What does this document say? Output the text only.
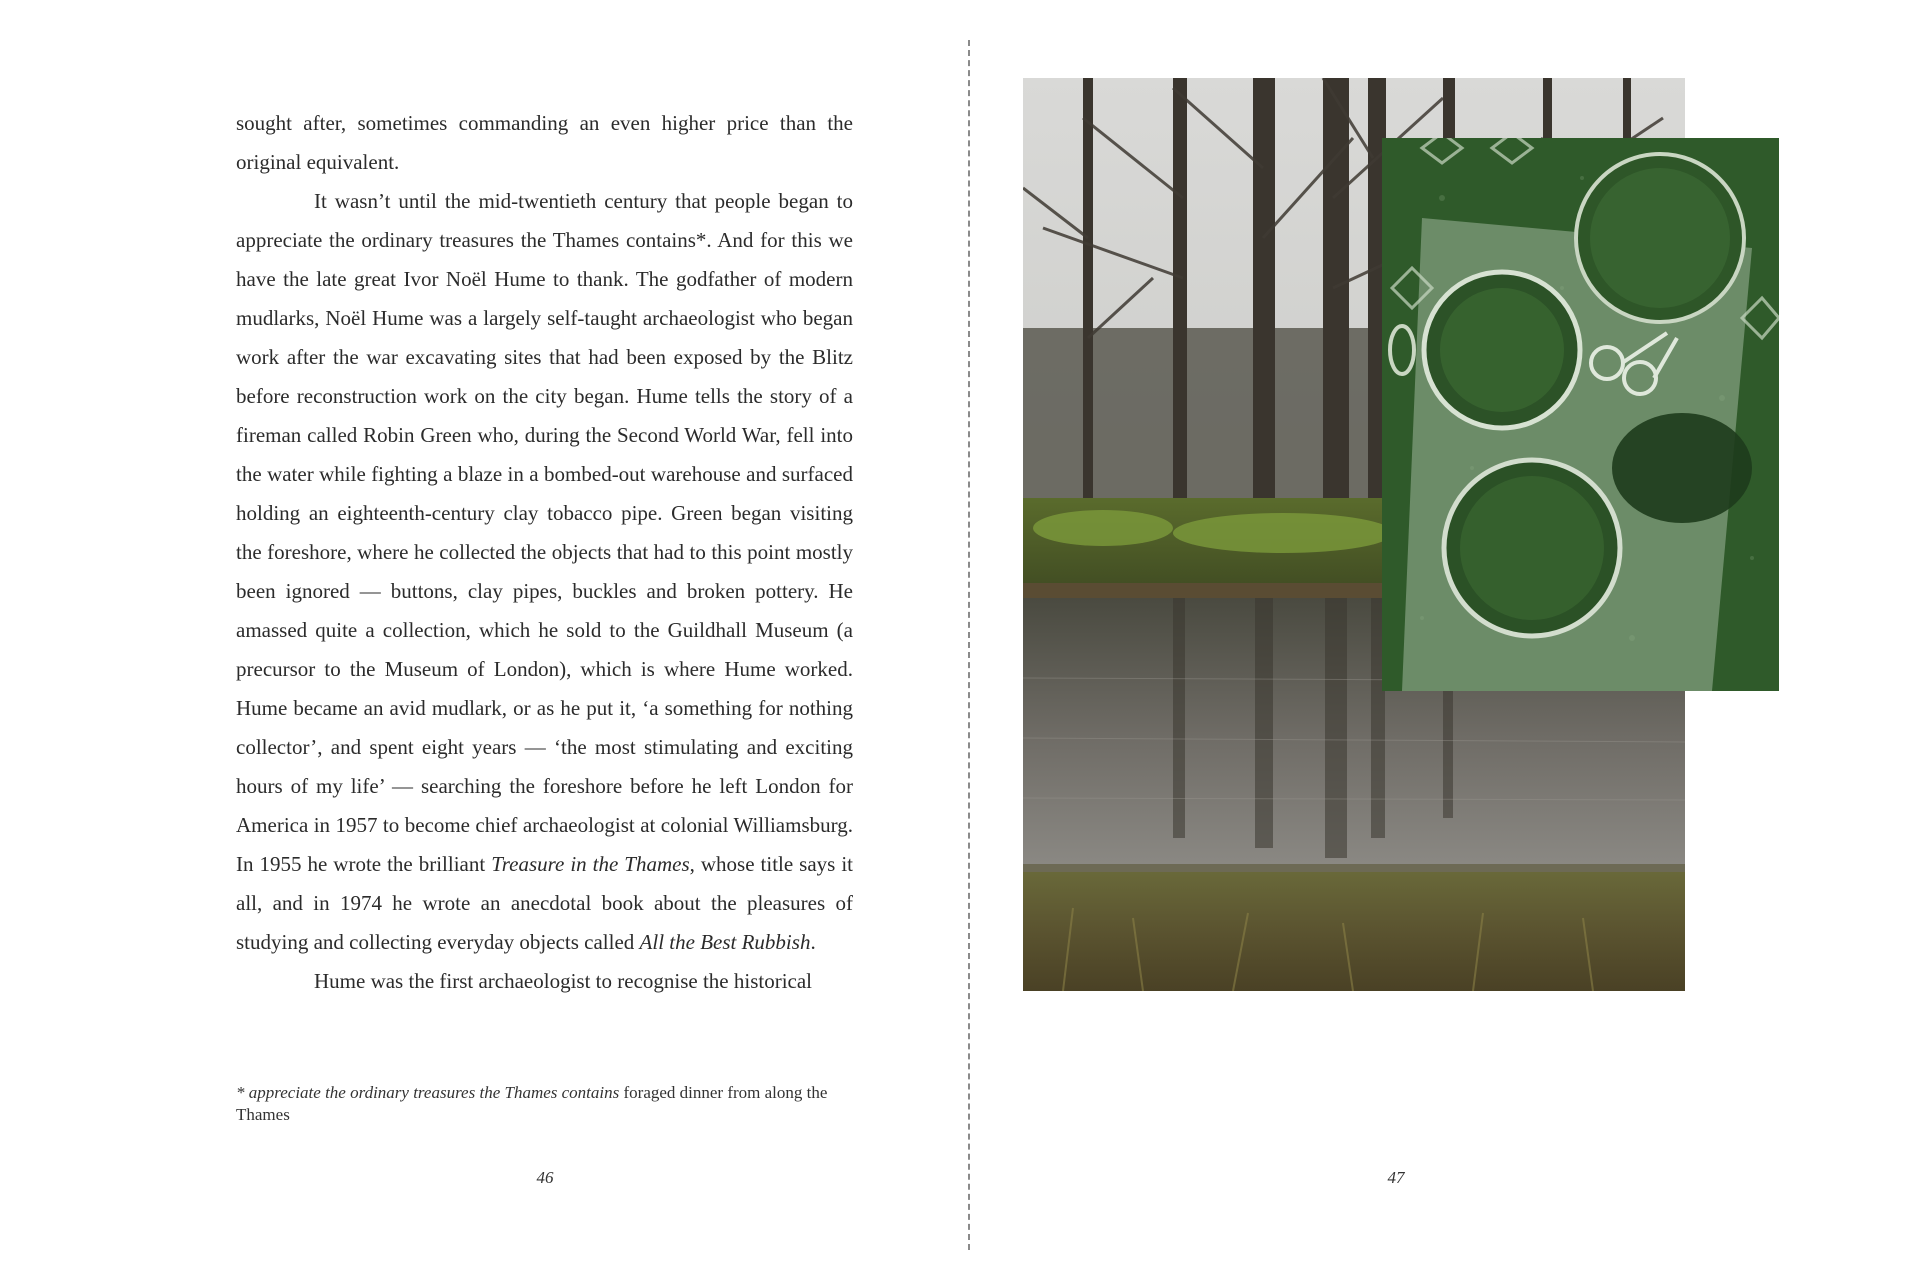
sought after, sometimes commanding an even higher price than the original equivalent.

It wasn’t until the mid-twentieth century that people began to appreciate the ordinary treasures the Thames contains*. And for this we have the late great Ivor Noël Hume to thank. The godfather of modern mudlarks, Noël Hume was a largely self-taught archaeologist who began work after the war excavating sites that had been exposed by the Blitz before reconstruction work on the city began. Hume tells the story of a fireman called Robin Green who, during the Second World War, fell into the water while fighting a blaze in a bombed-out warehouse and surfaced holding an eighteenth-century clay tobacco pipe. Green began visiting the foreshore, where he collected the objects that had to this point mostly been ignored — buttons, clay pipes, buckles and broken pottery. He amassed quite a collection, which he sold to the Guildhall Museum (a precursor to the Museum of London), which is where Hume worked. Hume became an avid mudlark, or as he put it, ‘a something for nothing collector’, and spent eight years — ‘the most stimulating and exciting hours of my life’ — searching the foreshore before he left London for America in 1957 to become chief archaeologist at colonial Williamsburg. In 1955 he wrote the brilliant Treasure in the Thames, whose title says it all, and in 1974 he wrote an anecdotal book about the pleasures of studying and collecting everyday objects called All the Best Rubbish.

Hume was the first archaeologist to recognise the historical

* appreciate the ordinary treasures the Thames contains foraged dinner from along the Thames
46	47
